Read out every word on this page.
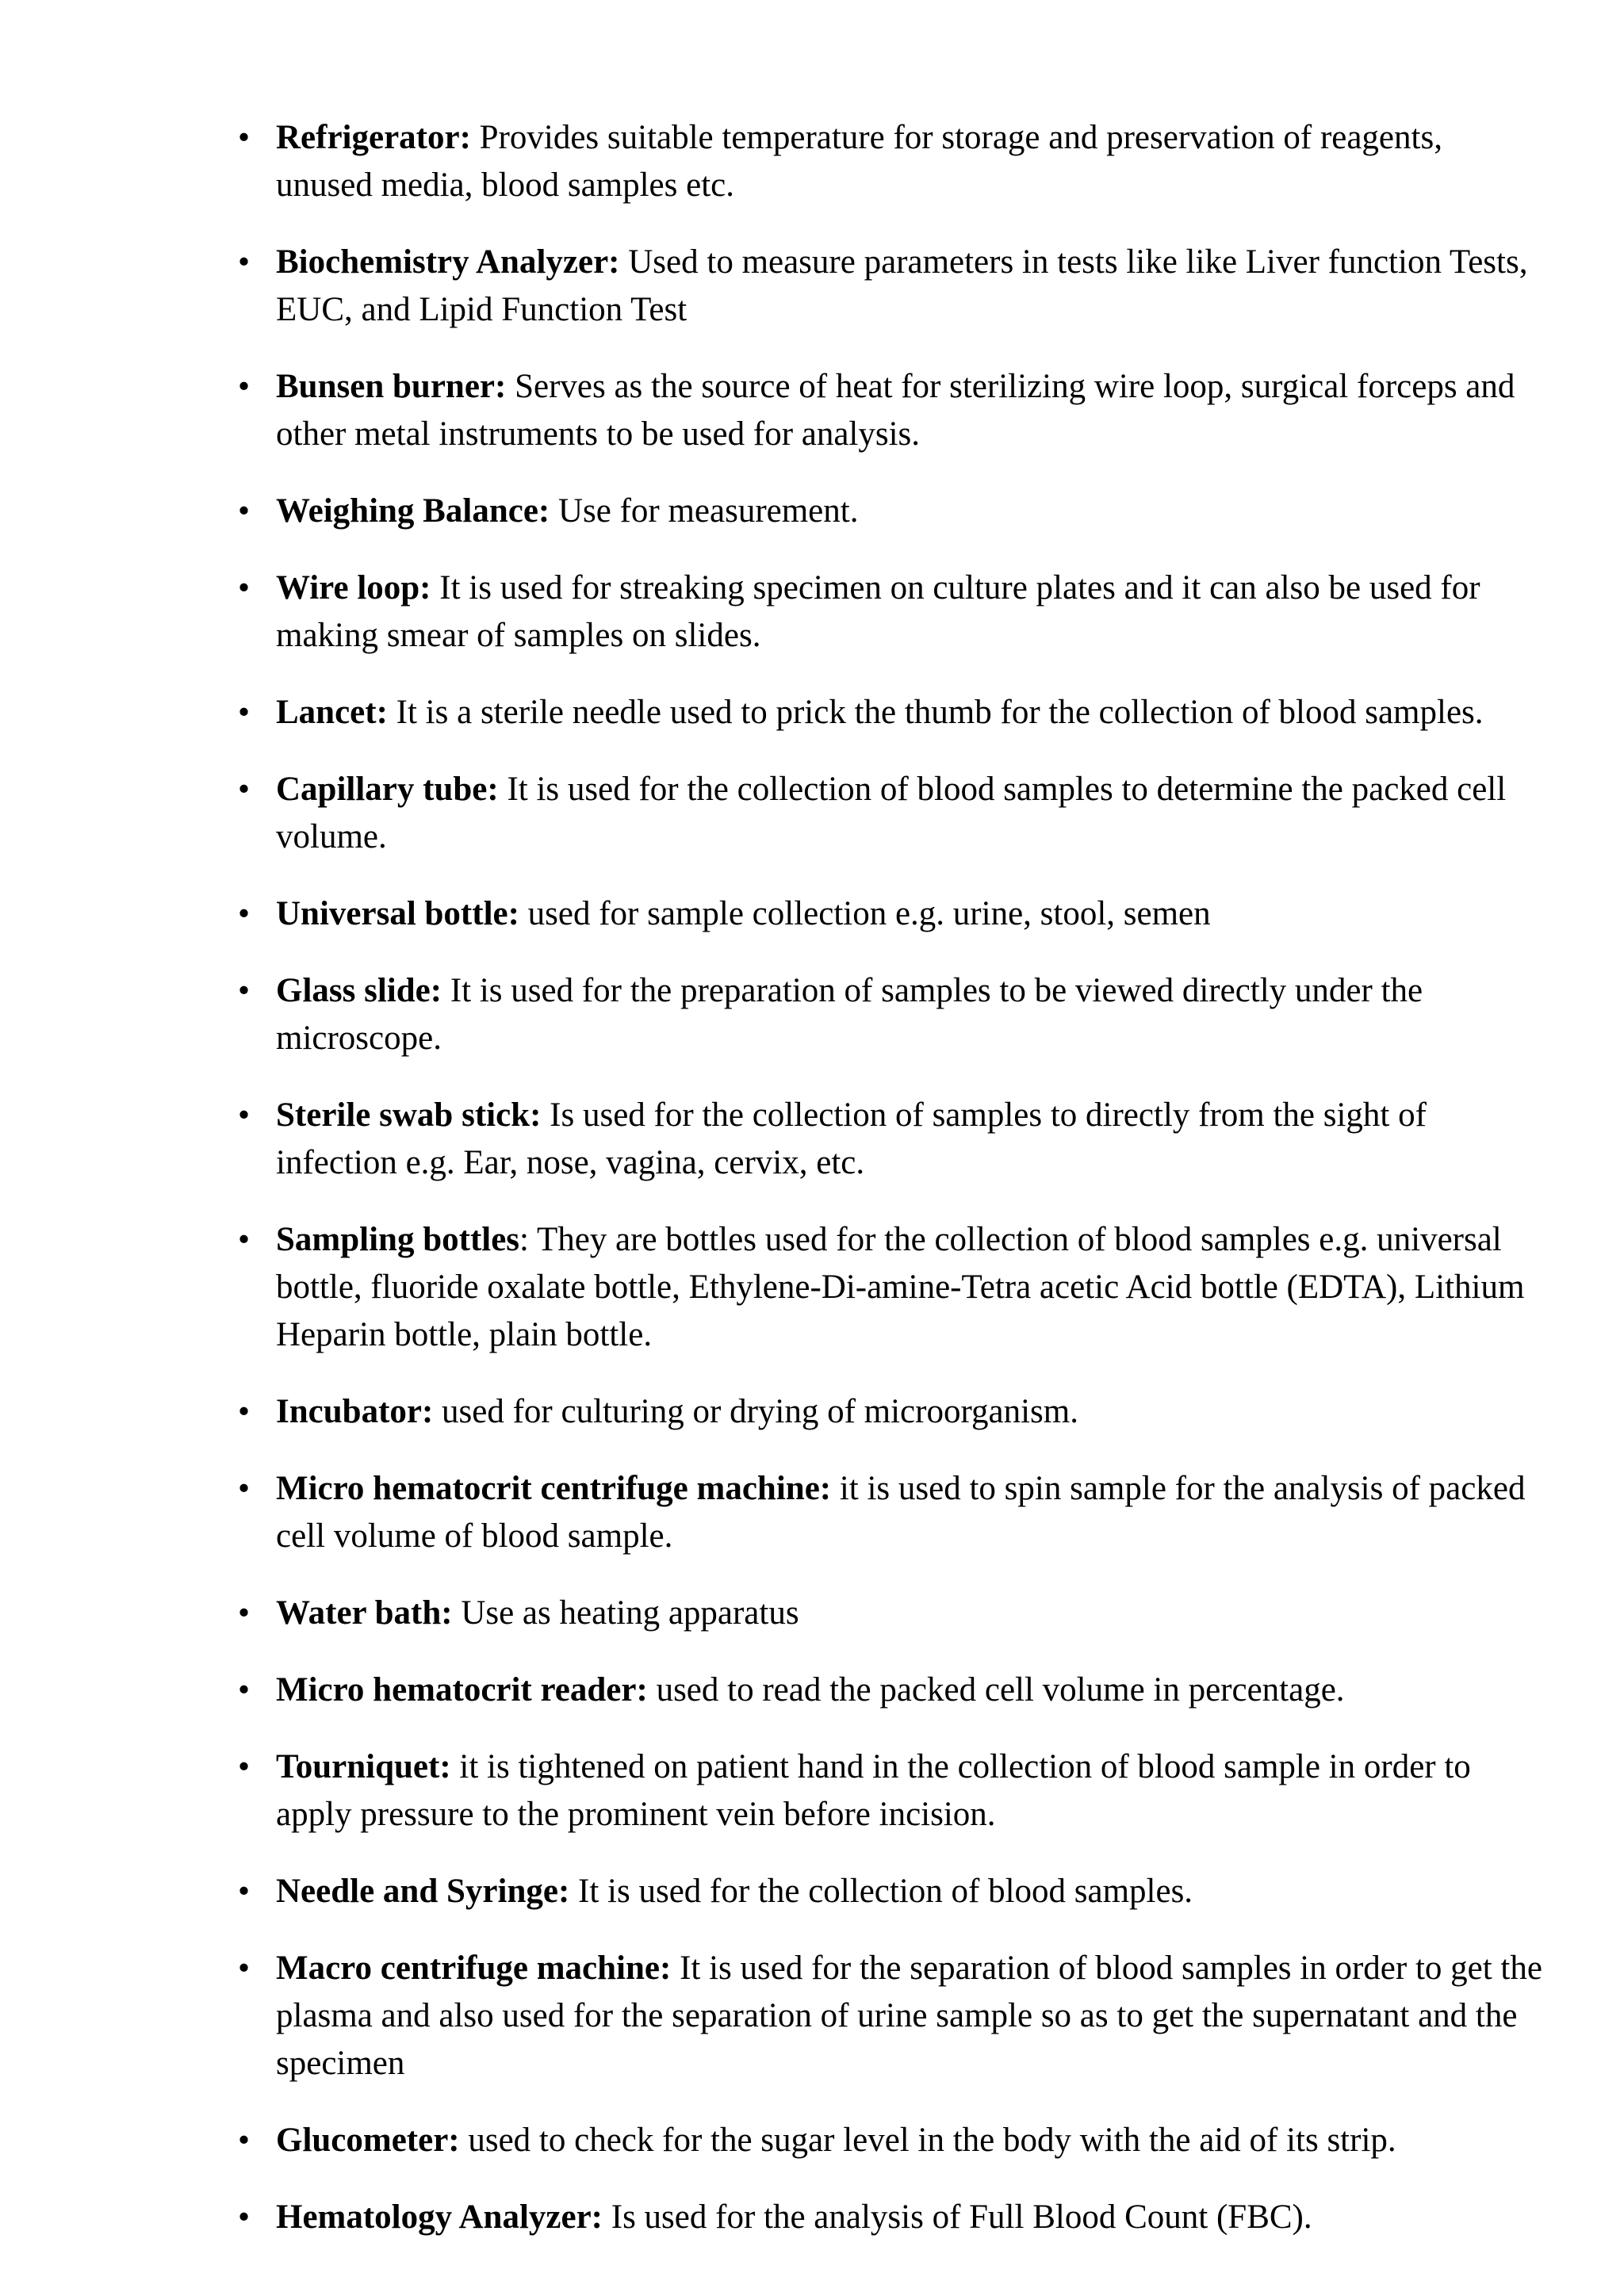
• Refrigerator: Provides suitable temperature for storage and preservation of reagents, unused media, blood samples etc.
• Biochemistry Analyzer: Used to measure parameters in tests like like Liver function Tests, EUC, and Lipid Function Test
• Bunsen burner: Serves as the source of heat for sterilizing wire loop, surgical forceps and other metal instruments to be used for analysis.
• Weighing Balance: Use for measurement.
• Wire loop: It is used for streaking specimen on culture plates and it can also be used for making smear of samples on slides.
• Lancet: It is a sterile needle used to prick the thumb for the collection of blood samples.
• Capillary tube: It is used for the collection of blood samples to determine the packed cell volume.
• Universal bottle: used for sample collection e.g. urine, stool, semen
• Glass slide: It is used for the preparation of samples to be viewed directly under the microscope.
• Sterile swab stick: Is used for the collection of samples to directly from the sight of infection e.g. Ear, nose, vagina, cervix, etc.
• Sampling bottles: They are bottles used for the collection of blood samples e.g. universal bottle, fluoride oxalate bottle, Ethylene-Di-amine-Tetra acetic Acid bottle (EDTA), Lithium Heparin bottle, plain bottle.
• Incubator: used for culturing or drying of microorganism.
• Micro hematocrit centrifuge machine: it is used to spin sample for the analysis of packed cell volume of blood sample.
• Water bath: Use as heating apparatus
• Micro hematocrit reader: used to read the packed cell volume in percentage.
• Tourniquet: it is tightened on patient hand in the collection of blood sample in order to apply pressure to the prominent vein before incision.
• Needle and Syringe: It is used for the collection of blood samples.
• Macro centrifuge machine: It is used for the separation of blood samples in order to get the plasma and also used for the separation of urine sample so as to get the supernatant and the specimen
• Glucometer: used to check for the sugar level in the body with the aid of its strip.
• Hematology Analyzer: Is used for the analysis of Full Blood Count (FBC).
